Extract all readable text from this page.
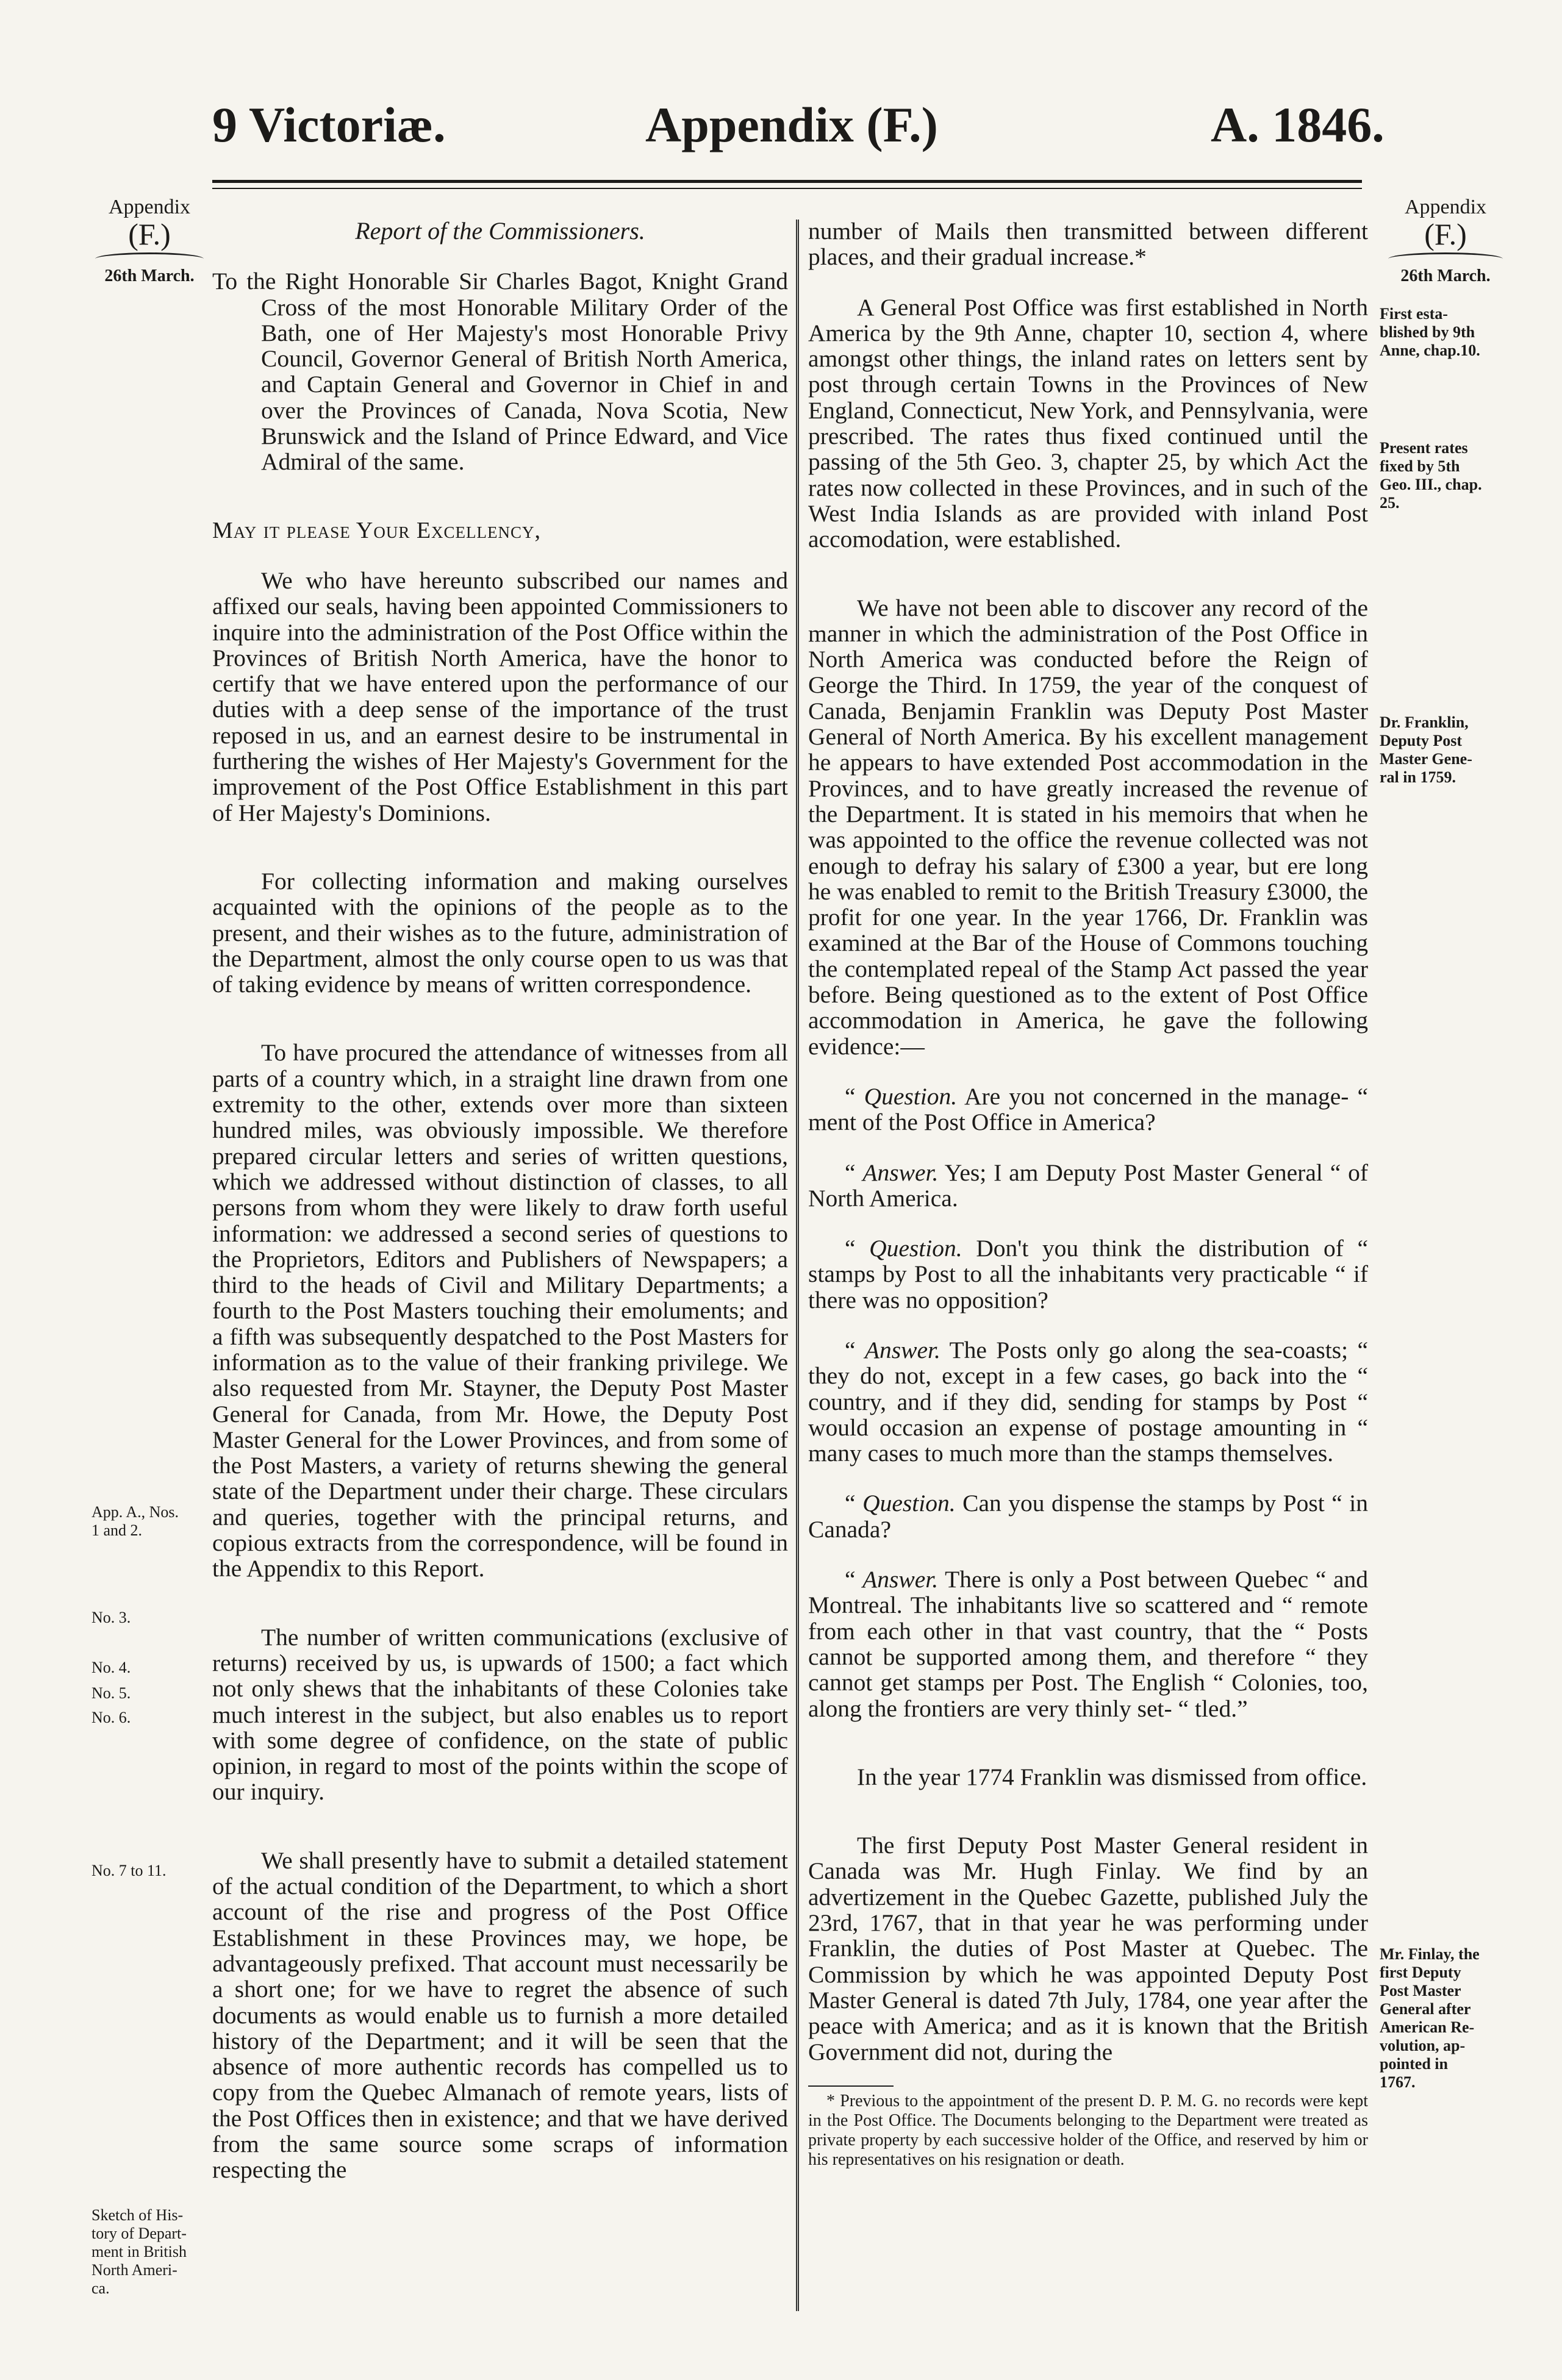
9 Victoriæ.	Appendix (F.)	A. 1846.
Appendix
(F.)
26th March.
App. A., Nos.
1 and 2.
No. 3.
No. 4.
No. 5.
No. 6.
No. 7 to 11.
Sketch of His-
tory of Depart-
ment in British
North Ameri-
ca.
Appendix
(F.)
26th March.
First esta-
blished by 9th
Anne, chap.10.
Present rates
fixed by 5th
Geo. III., chap.
25.
Dr. Franklin,
Deputy Post
Master Gene-
ral in 1759.
Mr. Finlay, the
first Deputy
Post Master
General after
American Re-
volution, ap-
pointed in
1767.

Report of the Commissioners.

To the Right Honorable Sir Charles Bagot, Knight Grand Cross of the most Honorable Military Order of the Bath, one of Her Majesty's most Honorable Privy Council, Governor General of British North America, and Captain General and Governor in Chief in and over the Provinces of Canada, Nova Scotia, New Brunswick and the Island of Prince Edward, and Vice Admiral of the same.

May it please Your Excellency,

We who have hereunto subscribed our names and affixed our seals, having been appointed Commissioners to inquire into the administration of the Post Office within the Provinces of British North America, have the honor to certify that we have entered upon the performance of our duties with a deep sense of the importance of the trust reposed in us, and an earnest desire to be instrumental in furthering the wishes of Her Majesty's Government for the improvement of the Post Office Establishment in this part of Her Majesty's Dominions.

For collecting information and making ourselves acquainted with the opinions of the people as to the present, and their wishes as to the future, administration of the Department, almost the only course open to us was that of taking evidence by means of written correspondence.

To have procured the attendance of witnesses from all parts of a country which, in a straight line drawn from one extremity to the other, extends over more than sixteen hundred miles, was obviously impossible. We therefore prepared circular letters and series of written questions, which we addressed without distinction of classes, to all persons from whom they were likely to draw forth useful information: we addressed a second series of questions to the Proprietors, Editors and Publishers of Newspapers; a third to the heads of Civil and Military Departments; a fourth to the Post Masters touching their emoluments; and a fifth was subsequently despatched to the Post Masters for information as to the value of their franking privilege. We also requested from Mr. Stayner, the Deputy Post Master General for Canada, from Mr. Howe, the Deputy Post Master General for the Lower Provinces, and from some of the Post Masters, a variety of returns shewing the general state of the Department under their charge. These circulars and queries, together with the principal returns, and copious extracts from the correspondence, will be found in the Appendix to this Report.

The number of written communications (exclusive of returns) received by us, is upwards of 1500; a fact which not only shews that the inhabitants of these Colonies take much interest in the subject, but also enables us to report with some degree of confidence, on the state of public opinion, in regard to most of the points within the scope of our inquiry.

We shall presently have to submit a detailed statement of the actual condition of the Department, to which a short account of the rise and progress of the Post Office Establishment in these Provinces may, we hope, be advantageously prefixed. That account must necessarily be a short one; for we have to regret the absence of such documents as would enable us to furnish a more detailed history of the Department; and it will be seen that the absence of more authentic records has compelled us to copy from the Quebec Almanach of remote years, lists of the Post Offices then in existence; and that we have derived from the same source some scraps of information respecting the

number of Mails then transmitted between different places, and their gradual increase.*

A General Post Office was first established in North America by the 9th Anne, chapter 10, section 4, where amongst other things, the inland rates on letters sent by post through certain Towns in the Provinces of New England, Connecticut, New York, and Pennsylvania, were prescribed. The rates thus fixed continued until the passing of the 5th Geo. 3, chapter 25, by which Act the rates now collected in these Provinces, and in such of the West India Islands as are provided with inland Post accomodation, were established.

We have not been able to discover any record of the manner in which the administration of the Post Office in North America was conducted before the Reign of George the Third. In 1759, the year of the conquest of Canada, Benjamin Franklin was Deputy Post Master General of North America. By his excellent management he appears to have extended Post accommodation in the Provinces, and to have greatly increased the revenue of the Department. It is stated in his memoirs that when he was appointed to the office the revenue collected was not enough to defray his salary of £300 a year, but ere long he was enabled to remit to the British Treasury £3000, the profit for one year. In the year 1766, Dr. Franklin was examined at the Bar of the House of Commons touching the contemplated repeal of the Stamp Act passed the year before. Being questioned as to the extent of Post Office accommodation in America, he gave the following evidence:—

“ Question. Are you not concerned in the manage- “ ment of the Post Office in America?

“ Answer. Yes; I am Deputy Post Master General “ of North America.

“ Question. Don't you think the distribution of “ stamps by Post to all the inhabitants very practicable “ if there was no opposition?

“ Answer. The Posts only go along the sea-coasts; “ they do not, except in a few cases, go back into the “ country, and if they did, sending for stamps by Post “ would occasion an expense of postage amounting in “ many cases to much more than the stamps themselves.

“ Question. Can you dispense the stamps by Post “ in Canada?

“ Answer. There is only a Post between Quebec “ and Montreal. The inhabitants live so scattered and “ remote from each other in that vast country, that the “ Posts cannot be supported among them, and therefore “ they cannot get stamps per Post. The English “ Colonies, too, along the frontiers are very thinly set- “ tled.”

In the year 1774 Franklin was dismissed from office.

The first Deputy Post Master General resident in Canada was Mr. Hugh Finlay. We find by an advertizement in the Quebec Gazette, published July the 23rd, 1767, that in that year he was performing under Franklin, the duties of Post Master at Quebec. The Commission by which he was appointed Deputy Post Master General is dated 7th July, 1784, one year after the peace with America; and as it is known that the British Government did not, during the

* Previous to the appointment of the present D. P. M. G. no records were kept in the Post Office. The Documents belonging to the Department were treated as private property by each successive holder of the Office, and reserved by him or his representatives on his resignation or death.
